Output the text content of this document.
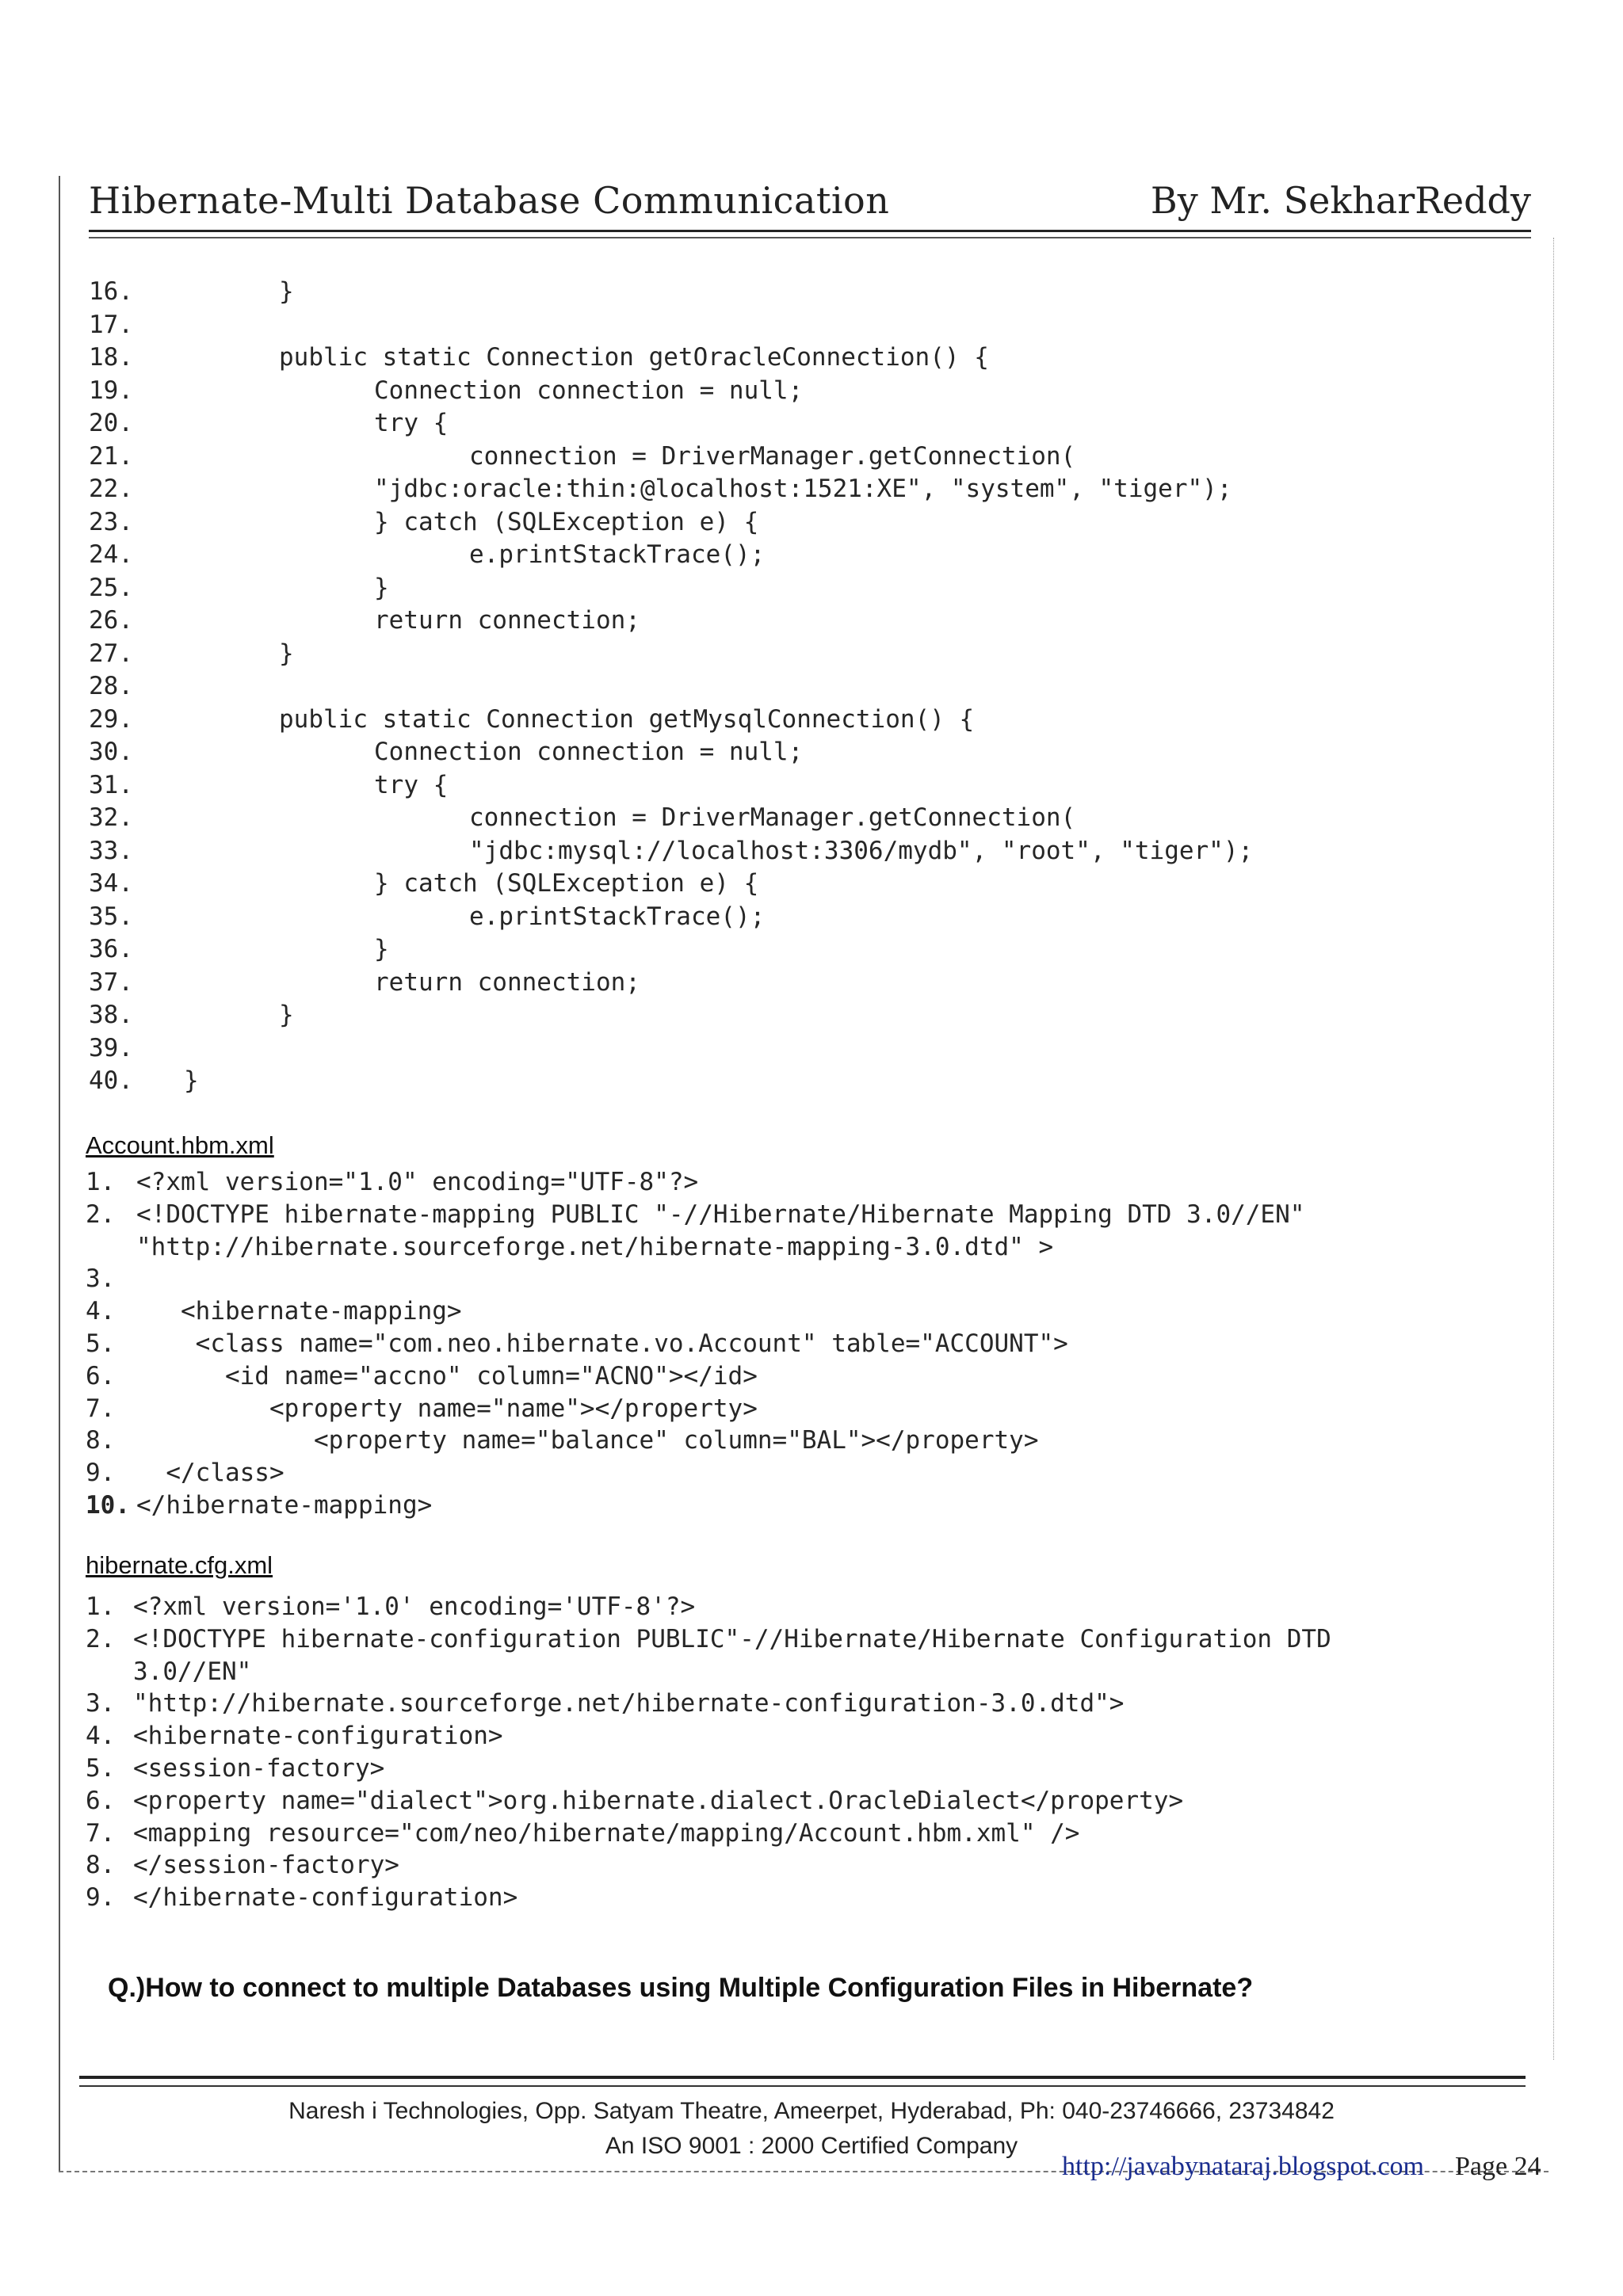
Hibernate-Multi Database Communication	By Mr. SekharReddy
16.	}
17.
18.	public static Connection getOracleConnection() {
19.	Connection connection = null;
20.	try {
21.	connection = DriverManager.getConnection(
22.	"jdbc:oracle:thin:@localhost:1521:XE", "system", "tiger");
23.	} catch (SQLException e) {
24.	e.printStackTrace();
25.	}
26.	return connection;
27.	}
28.
29.	public static Connection getMysqlConnection() {
30.	Connection connection = null;
31.	try {
32.	connection = DriverManager.getConnection(
33.	"jdbc:mysql://localhost:3306/mydb", "root", "tiger");
34.	} catch (SQLException e) {
35.	e.printStackTrace();
36.	}
37.	return connection;
38.	}
39.
40. }
Account.hbm.xml
1. <?xml version="1.0" encoding="UTF-8"?>
2. <!DOCTYPE hibernate-mapping PUBLIC "-//Hibernate/Hibernate Mapping DTD 3.0//EN"
"http://hibernate.sourceforge.net/hibernate-mapping-3.0.dtd" >
3.
4. <hibernate-mapping>
5. <class name="com.neo.hibernate.vo.Account" table="ACCOUNT">
6. <id name="accno" column="ACNO"></id>
7. <property name="name"></property>
8. <property name="balance" column="BAL"></property>
9. </class>
10. </hibernate-mapping>
hibernate.cfg.xml
1. <?xml version='1.0' encoding='UTF-8'?>
2. <!DOCTYPE hibernate-configuration PUBLIC"-//Hibernate/Hibernate Configuration DTD
3.0//EN"
3. "http://hibernate.sourceforge.net/hibernate-configuration-3.0.dtd">
4. <hibernate-configuration>
5. <session-factory>
6. <property name="dialect">org.hibernate.dialect.OracleDialect</property>
7. <mapping resource="com/neo/hibernate/mapping/Account.hbm.xml" />
8. </session-factory>
9. </hibernate-configuration>
Q.)How to connect to multiple Databases using Multiple Configuration Files in Hibernate?
Naresh i Technologies, Opp. Satyam Theatre, Ameerpet, Hyderabad, Ph: 040-23746666, 23734842
An ISO 9001 : 2000 Certified Company
http://javabynataraj.blogspot.com Page 24
